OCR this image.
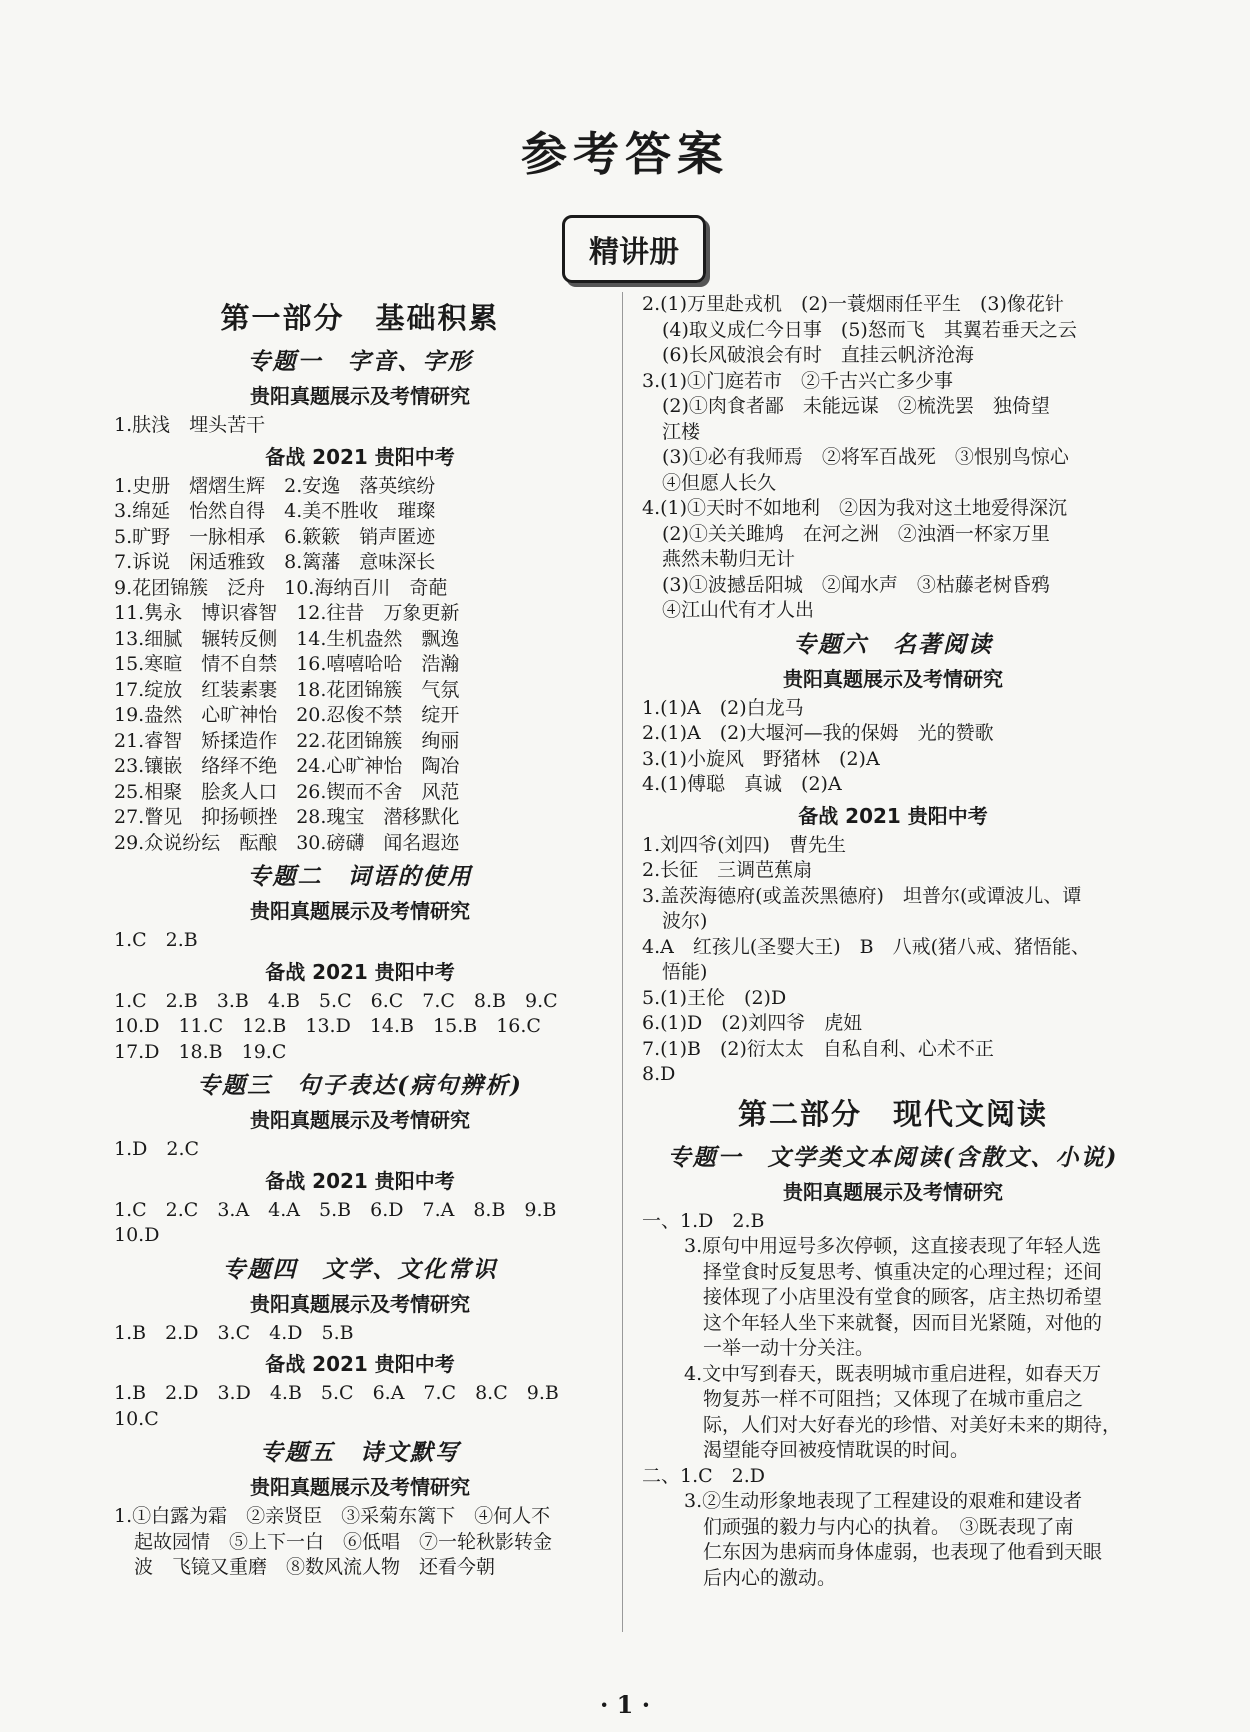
参考答案
精讲册
第一部分　基础积累
专题一　字音、字形
贵阳真题展示及考情研究
1.肤浅　埋头苦干
备战 2021 贵阳中考
1.史册　熠熠生辉　2.安逸　落英缤纷
3.绵延　怡然自得　4.美不胜收　璀璨
5.旷野　一脉相承　6.簌簌　销声匿迹
7.诉说　闲适雅致　8.篱藩　意味深长
9.花团锦簇　泛舟　10.海纳百川　奇葩
11.隽永　博识睿智　12.往昔　万象更新
13.细腻　辗转反侧　14.生机盎然　飘逸
15.寒暄　情不自禁　16.嘻嘻哈哈　浩瀚
17.绽放　红装素裹　18.花团锦簇　气氛
19.盎然　心旷神怡　20.忍俊不禁　绽开
21.睿智　矫揉造作　22.花团锦簇　绚丽
23.镶嵌　络绎不绝　24.心旷神怡　陶冶
25.相聚　脍炙人口　26.锲而不舍　风范
27.瞥见　抑扬顿挫　28.瑰宝　潜移默化
29.众说纷纭　酝酿　30.磅礴　闻名遐迩
专题二　词语的使用
贵阳真题展示及考情研究
1.C　2.B
备战 2021 贵阳中考
1.C　2.B　3.B　4.B　5.C　6.C　7.C　8.B　9.C
10.D　11.C　12.B　13.D　14.B　15.B　16.C
17.D　18.B　19.C
专题三　句子表达(病句辨析)
贵阳真题展示及考情研究
1.D　2.C
备战 2021 贵阳中考
1.C　2.C　3.A　4.A　5.B　6.D　7.A　8.B　9.B
10.D
专题四　文学、文化常识
贵阳真题展示及考情研究
1.B　2.D　3.C　4.D　5.B
备战 2021 贵阳中考
1.B　2.D　3.D　4.B　5.C　6.A　7.C　8.C　9.B
10.C
专题五　诗文默写
贵阳真题展示及考情研究
1.①白露为霜　②亲贤臣　③采菊东篱下　④何人不
起故园情　⑤上下一白　⑥低唱　⑦一轮秋影转金
波　飞镜又重磨　⑧数风流人物　还看今朝
2.(1)万里赴戎机　(2)一蓑烟雨任平生　(3)像花针
(4)取义成仁今日事　(5)怒而飞　其翼若垂天之云
(6)长风破浪会有时　直挂云帆济沧海
3.(1)①门庭若市　②千古兴亡多少事
(2)①肉食者鄙　未能远谋　②梳洗罢　独倚望
江楼
(3)①必有我师焉　②将军百战死　③恨别鸟惊心
④但愿人长久
4.(1)①天时不如地利　②因为我对这土地爱得深沉
(2)①关关雎鸠　在河之洲　②浊酒一杯家万里
燕然未勒归无计
(3)①波撼岳阳城　②闻水声　③枯藤老树昏鸦
④江山代有才人出
专题六　名著阅读
贵阳真题展示及考情研究
1.(1)A　(2)白龙马
2.(1)A　(2)大堰河—我的保姆　光的赞歌
3.(1)小旋风　野猪林　(2)A
4.(1)傅聪　真诚　(2)A
备战 2021 贵阳中考
1.刘四爷(刘四)　曹先生
2.长征　三调芭蕉扇
3.盖茨海德府(或盖茨黑德府)　坦普尔(或谭波儿、谭
波尔)
4.A　红孩儿(圣婴大王)　B　八戒(猪八戒、猪悟能、
悟能)
5.(1)王伦　(2)D
6.(1)D　(2)刘四爷　虎妞
7.(1)B　(2)衍太太　自私自利、心术不正
8.D
第二部分　现代文阅读
专题一　文学类文本阅读(含散文、小说)
贵阳真题展示及考情研究
一、1.D　2.B
3.原句中用逗号多次停顿，这直接表现了年轻人选
　择堂食时反复思考、慎重决定的心理过程；还间
　接体现了小店里没有堂食的顾客，店主热切希望
　这个年轻人坐下来就餐，因而目光紧随，对他的
　一举一动十分关注。
4.文中写到春天，既表明城市重启进程，如春天万
　物复苏一样不可阻挡；又体现了在城市重启之
　际，人们对大好春光的珍惜、对美好未来的期待，
　渴望能夺回被疫情耽误的时间。
二、1.C　2.D
3.②生动形象地表现了工程建设的艰难和建设者
　们顽强的毅力与内心的执着。　③既表现了南
　仁东因为患病而身体虚弱，也表现了他看到天眼
　后内心的激动。
· 1 ·
